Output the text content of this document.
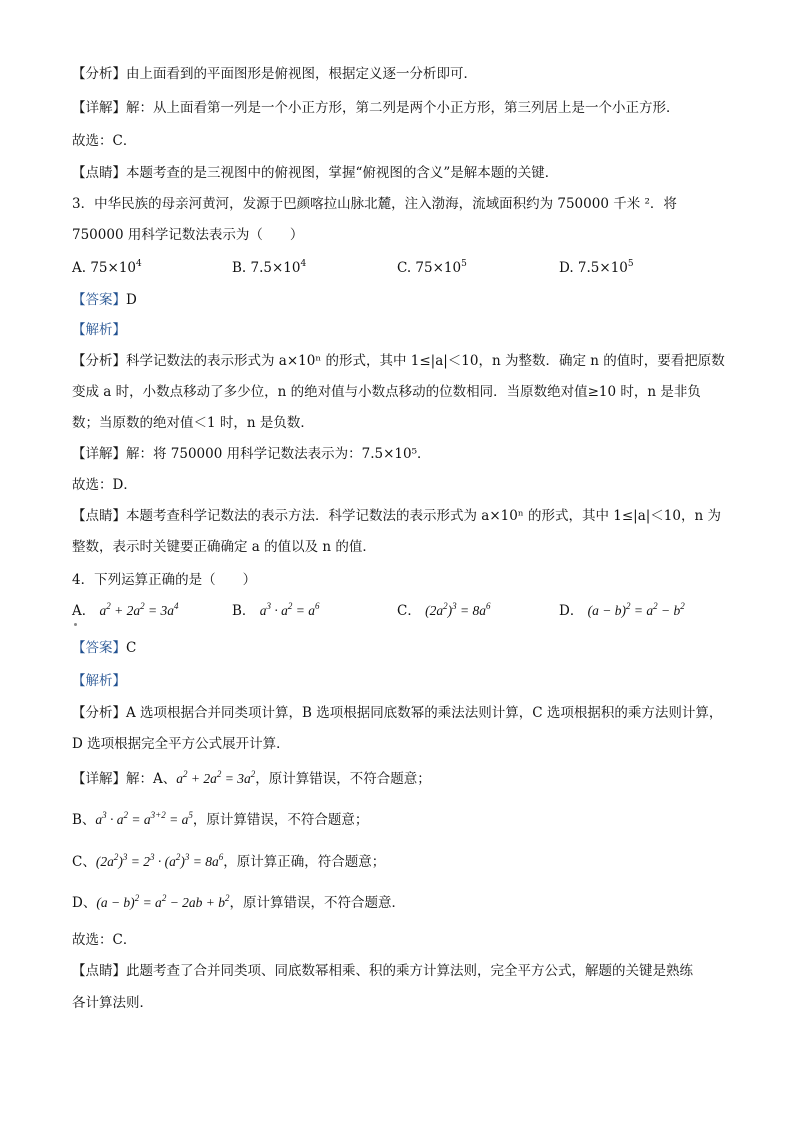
【分析】由上面看到的平面图形是俯视图，根据定义逐一分析即可．
【详解】解：从上面看第一列是一个小正方形，第二列是两个小正方形，第三列居上是一个小正方形．
故选：C．
【点睛】本题考查的是三视图中的俯视图，掌握“俯视图的含义”是解本题的关键．
3．中华民族的母亲河黄河，发源于巴颜喀拉山脉北麓，注入渤海，流域面积约为 750000 千米 ²．将
750000 用科学记数法表示为（　　）
A. $75\times 10^4$	B. $7.5\times 10^4$	C. $75\times 10^5$	D. $7.5\times 10^5$
【答案】D
【解析】
【分析】科学记数法的表示形式为 a×10ⁿ 的形式，其中 1≤|a|＜10，n 为整数．确定 n 的值时，要看把原数
变成 a 时，小数点移动了多少位，n 的绝对值与小数点移动的位数相同．当原数绝对值≥10 时，n 是非负
数；当原数的绝对值＜1 时，n 是负数．
【详解】解：将 750000 用科学记数法表示为：7.5×10⁵．
故选：D．
【点睛】本题考查科学记数法的表示方法．科学记数法的表示形式为 a×10ⁿ 的形式，其中 1≤|a|＜10，n 为
整数，表示时关键要正确确定 a 的值以及 n 的值．
4．下列运算正确的是（　　）
A． $a^2 + 2a^2 = 3a^4$	B． $a^3 \cdot a^2 = a^6$	C． $(2a^2)^3 = 8a^6$	D． $(a - b)^2 = a^2 - b^2$
【答案】C
【解析】
【分析】A 选项根据合并同类项计算，B 选项根据同底数幂的乘法法则计算，C 选项根据积的乘方法则计算，
D 选项根据完全平方公式展开计算．
【详解】解：A、$a^2 + 2a^2 = 3a^2$，原计算错误，不符合题意；
B、$a^3 \cdot a^2 = a^{3+2} = a^5$，原计算错误，不符合题意；
C、$(2a^2)^3 = 2^3 \cdot (a^2)^3 = 8a^6$，原计算正确，符合题意；
D、$(a - b)^2 = a^2 - 2ab + b^2$，原计算错误，不符合题意．
故选：C．
【点睛】此题考查了合并同类项、同底数幂相乘、积的乘方计算法则，完全平方公式，解题的关键是熟练
各计算法则．
